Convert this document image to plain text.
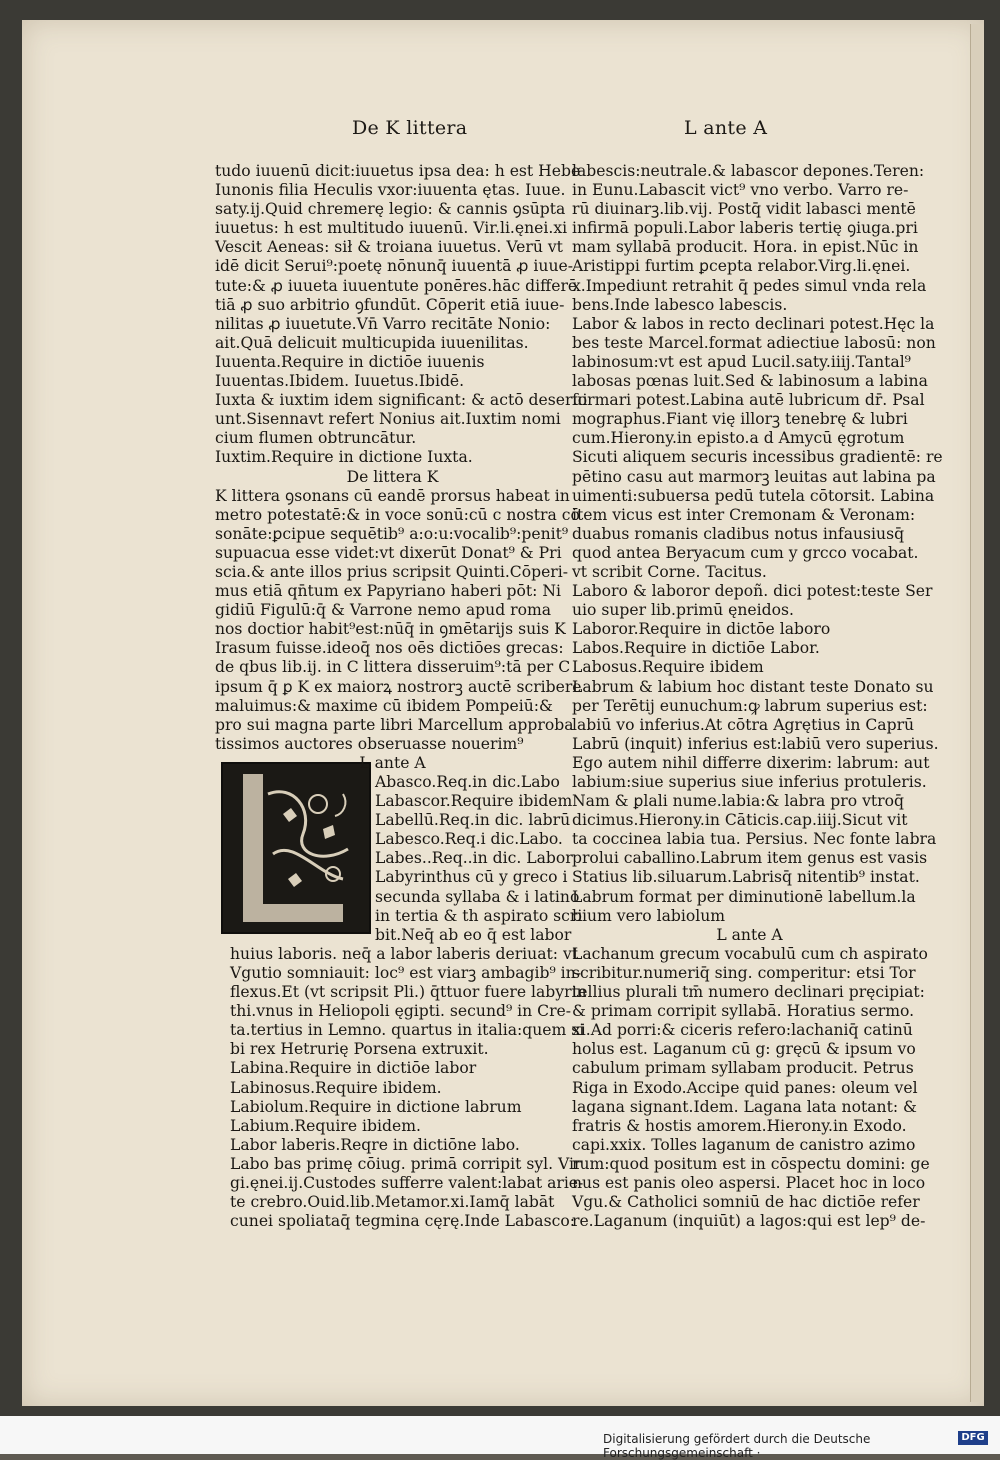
De K littera	L ante A
tudo iuuenū dicit:iuuetus ipsa dea: h est Hebe
Iunonis filia Heculis vxor:iuuenta ętas. Iuue.
saty.ij.Quid chremerę legio: & cannis ꝯsūpta
iuuetus: h est multitudo iuuenū. Vir.li.ęnei.xi
Vescit Aeneas: sił & troiana iuuetus. Verū vt
idē dicit Serui⁹:poetę nōnunq̄ iuuentā ꝓ iuue-
tute:& ꝓ iuueta iuuentute ponēres.hāc differē
tiā ꝓ suo arbitrio ꝯfundūt. Cōperit etiā iuue-
nilitas ꝓ iuuetute.Vn̄ Varro recitāte Nonio:
ait.Quā delicuit multicupida iuuenilitas.
Iuuenta.Require in dictiōe iuuenis
Iuuentas.Ibidem. Iuuetus.Ibidē.
Iuxta & iuxtim idem significant: & actō deserui
unt.Sisennavt refert Nonius ait.Iuxtim nomi
cium flumen obtruncātur.
Iuxtim.Require in dictione Iuxta.
De littera K
K littera ꝯsonans cū eandē prorsus habeat in
metro potestatē:& in voce sonū:cū c nostra cō
sonāte:ꝑcipue sequētib⁹ a:o:u:vocalib⁹:penit⁹
supuacua esse videt:vt dixerūt Donat⁹ & Pri
scia.& ante illos prius scripsit Quinti.Cōperi-
mus etiā qn̄tum ex Papyriano haberi pōt: Ni
gidiū Figulū:q̄ & Varrone nemo apud roma
nos doctior habit⁹est:nūq̄ in ꝯmētarijs suis K
Irasum fuisse.ideoq̄ nos oēs dictiōes grecas:
de qbus lib.ij. in C littera disseruim⁹:tā per C
ipsum q̄ ꝑ K ex maiorꝝ nostrorꝫ auctē scribere
maluimus:& maxime cū ibidem Pompeiū:&
pro sui magna parte libri Marcellum approba
tissimos auctores obseruasse nouerim⁹
L ante A
Abasco.Req.in dic.Labo
Labascor.Require ibidem
Labellū.Req.in dic. labrū
Labesco.Req.i dic.Labo.
Labes..Req..in dic. Labor
Labyrinthus cū y greco i
secunda syllaba & i latino
in tertia & th aspirato scri
bit.Neq̄ ab eo q̄ est labor
huius laboris. neq̄ a labor laberis deriuat: vt
Vgutio somniauit: loc⁹ est viarꝫ ambagib⁹ in-
flexus.Et (vt scripsit Pli.) q̄ttuor fuere labyrin
thi.vnus in Heliopoli ęgipti. secund⁹ in Cre-
ta.tertius in Lemno. quartus in italia:quem si
bi rex Hetrurię Porsena extruxit.
Labina.Require in dictiōe labor
Labinosus.Require ibidem.
Labiolum.Require in dictione labrum
Labium.Require ibidem.
Labor laberis.Reqre in dictiōne labo.
Labo bas primę cōiug. primā corripit syl. Vir
gi.ęnei.ij.Custodes sufferre valent:labat arie-
te crebro.Ouid.lib.Metamor.xi.Iamq̄ labāt
cunei spoliataq̄ tegmina cęrę.Inde Labasco:
labescis:neutrale.& labascor depones.Teren:
in Eunu.Labascit vict⁹ vno verbo. Varro re-
rū diuinarꝫ.lib.vij. Postq̄ vidit labasci mentē
infirmā populi.Labor laberis tertię ꝯiuga.pri
mam syllabā producit. Hora. in epist.Nūc in
Aristippi furtim ꝑcepta relabor.Virg.li.ęnei.
x.Impediunt retrahit q̄ pedes simul vnda rela
bens.Inde labesco labescis.
Labor & labos in recto declinari potest.Hęc la
bes teste Marcel.format adiectiue labosū: non
labinosum:vt est apud Lucil.saty.iiij.Tantal⁹
labosas pœnas luit.Sed & labinosum a labina
formari potest.Labina autē lubricum dr̄. Psal
mographus.Fiant vię illorꝫ tenebrę & lubri
cum.Hierony.in episto.a d Amycū ęgrotum
Sicuti aliquem securis incessibus gradientē: re
pētino casu aut marmorꝫ leuitas aut labina pa
uimenti:subuersa pedū tutela cōtorsit. Labina
item vicus est inter Cremonam & Veronam:
duabus romanis cladibus notus infausiusq̄
quod antea Beryacum cum y grcco vocabat.
vt scribit Corne. Tacitus.
Laboro & laboror depoñ. dici potest:teste Ser
uio super lib.primū ęneidos.
Laboror.Require in dictōe laboro
Labos.Require in dictiōe Labor.
Labosus.Require ibidem
Labrum & labium hoc distant teste Donato su
per Terētij eunuchum:ꝙ labrum superius est:
labiū vo inferius.At cōtra Agrętius in Caprū
Labrū (inquit) inferius est:labiū vero superius.
Ego autem nihil differre dixerim: labrum: aut
labium:siue superius siue inferius protuleris.
Nam & ꝑlali nume.labia:& labra pro vtroq̄
dicimus.Hierony.in Cāticis.cap.iiij.Sicut vit
ta coccinea labia tua. Persius. Nec fonte labra
prolui caballino.Labrum item genus est vasis
Statius lib.siluarum.Labrisq̄ nitentib⁹ instat.
Labrum format per diminutionē labellum.la
bium vero labiolum
L ante A
Lachanum grecum vocabulū cum ch aspirato
scribitur.numeriq̄ sing. comperitur: etsi Tor
tellius plurali tm̄ numero declinari pręcipiat:
& primam corripit syllabā. Horatius sermo.
xi.Ad porri:& ciceris refero:lachaniq̄ catinū
holus est. Laganum cū g: gręcū & ipsum vo
cabulum primam syllabam producit. Petrus
Riga in Exodo.Accipe quid panes: oleum vel
lagana signant.Idem. Lagana lata notant: &
fratris & hostis amorem.Hierony.in Exodo.
capi.xxix. Tolles laganum de canistro azimo
rum:quod positum est in cōspectu domini: ge
nus est panis oleo aspersi. Placet hoc in loco
Vgu.& Catholici somniū de hac dictiōe refer
re.Laganum (inquiūt) a lagos:qui est lep⁹ de-
Digitalisierung gefördert durch die Deutsche Forschungsgemeinschaft ·
DFG
